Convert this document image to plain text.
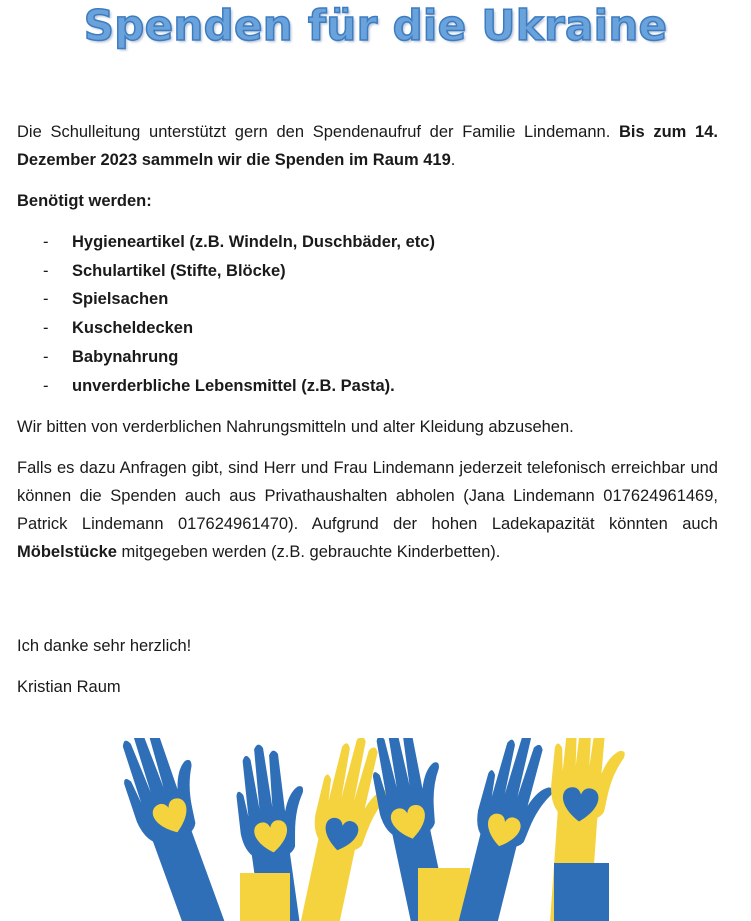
Spenden für die Ukraine

Die Schulleitung unterstützt gern den Spendenaufruf der Familie Lindemann. Bis zum 14. Dezember 2023 sammeln wir die Spenden im Raum 419.

Benötigt werden:

- Hygieneartikel (z.B. Windeln, Duschbäder, etc)
- Schulartikel (Stifte, Blöcke)
- Spielsachen
- Kuscheldecken
- Babynahrung
- unverderbliche Lebensmittel (z.B. Pasta).

Wir bitten von verderblichen Nahrungsmitteln und alter Kleidung abzusehen.

Falls es dazu Anfragen gibt, sind Herr und Frau Lindemann jederzeit telefonisch erreichbar und können die Spenden auch aus Privathaushalten abholen (Jana Lindemann 017624961469, Patrick Lindemann 017624961470). Aufgrund der hohen Ladekapazität könnten auch Möbelstücke mitgegeben werden (z.B. gebrauchte Kinderbetten).

Ich danke sehr herzlich!

Kristian Raum
